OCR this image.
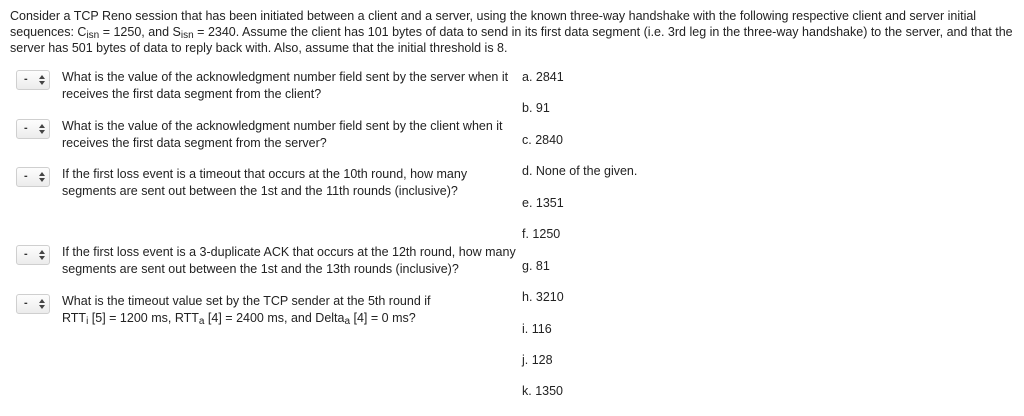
Consider a TCP Reno session that has been initiated between a client and a server, using the known three-way handshake with the following respective client and server initial sequences: $C_{isn} = 1250$, and $S_{isn} = 2340$. Assume the client has 101 bytes of data to send in its first data segment (i.e. 3rd leg in the three-way handshake) to the server, and that the server has 501 bytes of data to reply back with. Also, assume that the initial threshold is 8.
-	What is the value of the acknowledgment number field sent by the server when it receives the first data segment from the client?
-	What is the value of the acknowledgment number field sent by the client when it receives the first data segment from the server?
-	If the first loss event is a timeout that occurs at the 10th round, how many segments are sent out between the 1st and the 11th rounds (inclusive)?
-	If the first loss event is a 3-duplicate ACK that occurs at the 12th round, how many segments are sent out between the 1st and the 13th rounds (inclusive)?
-	What is the timeout value set by the TCP sender at the 5th round if
$RTT_i$ [5] = 1200 ms, $RTT_a$ [4] = 2400 ms, and Delta$_a$ [4] = 0 ms?
a. 2841
b. 91
c. 2840
d. None of the given.
e. 1351
f. 1250
g. 81
h. 3210
i. 116
j. 128
k. 1350
